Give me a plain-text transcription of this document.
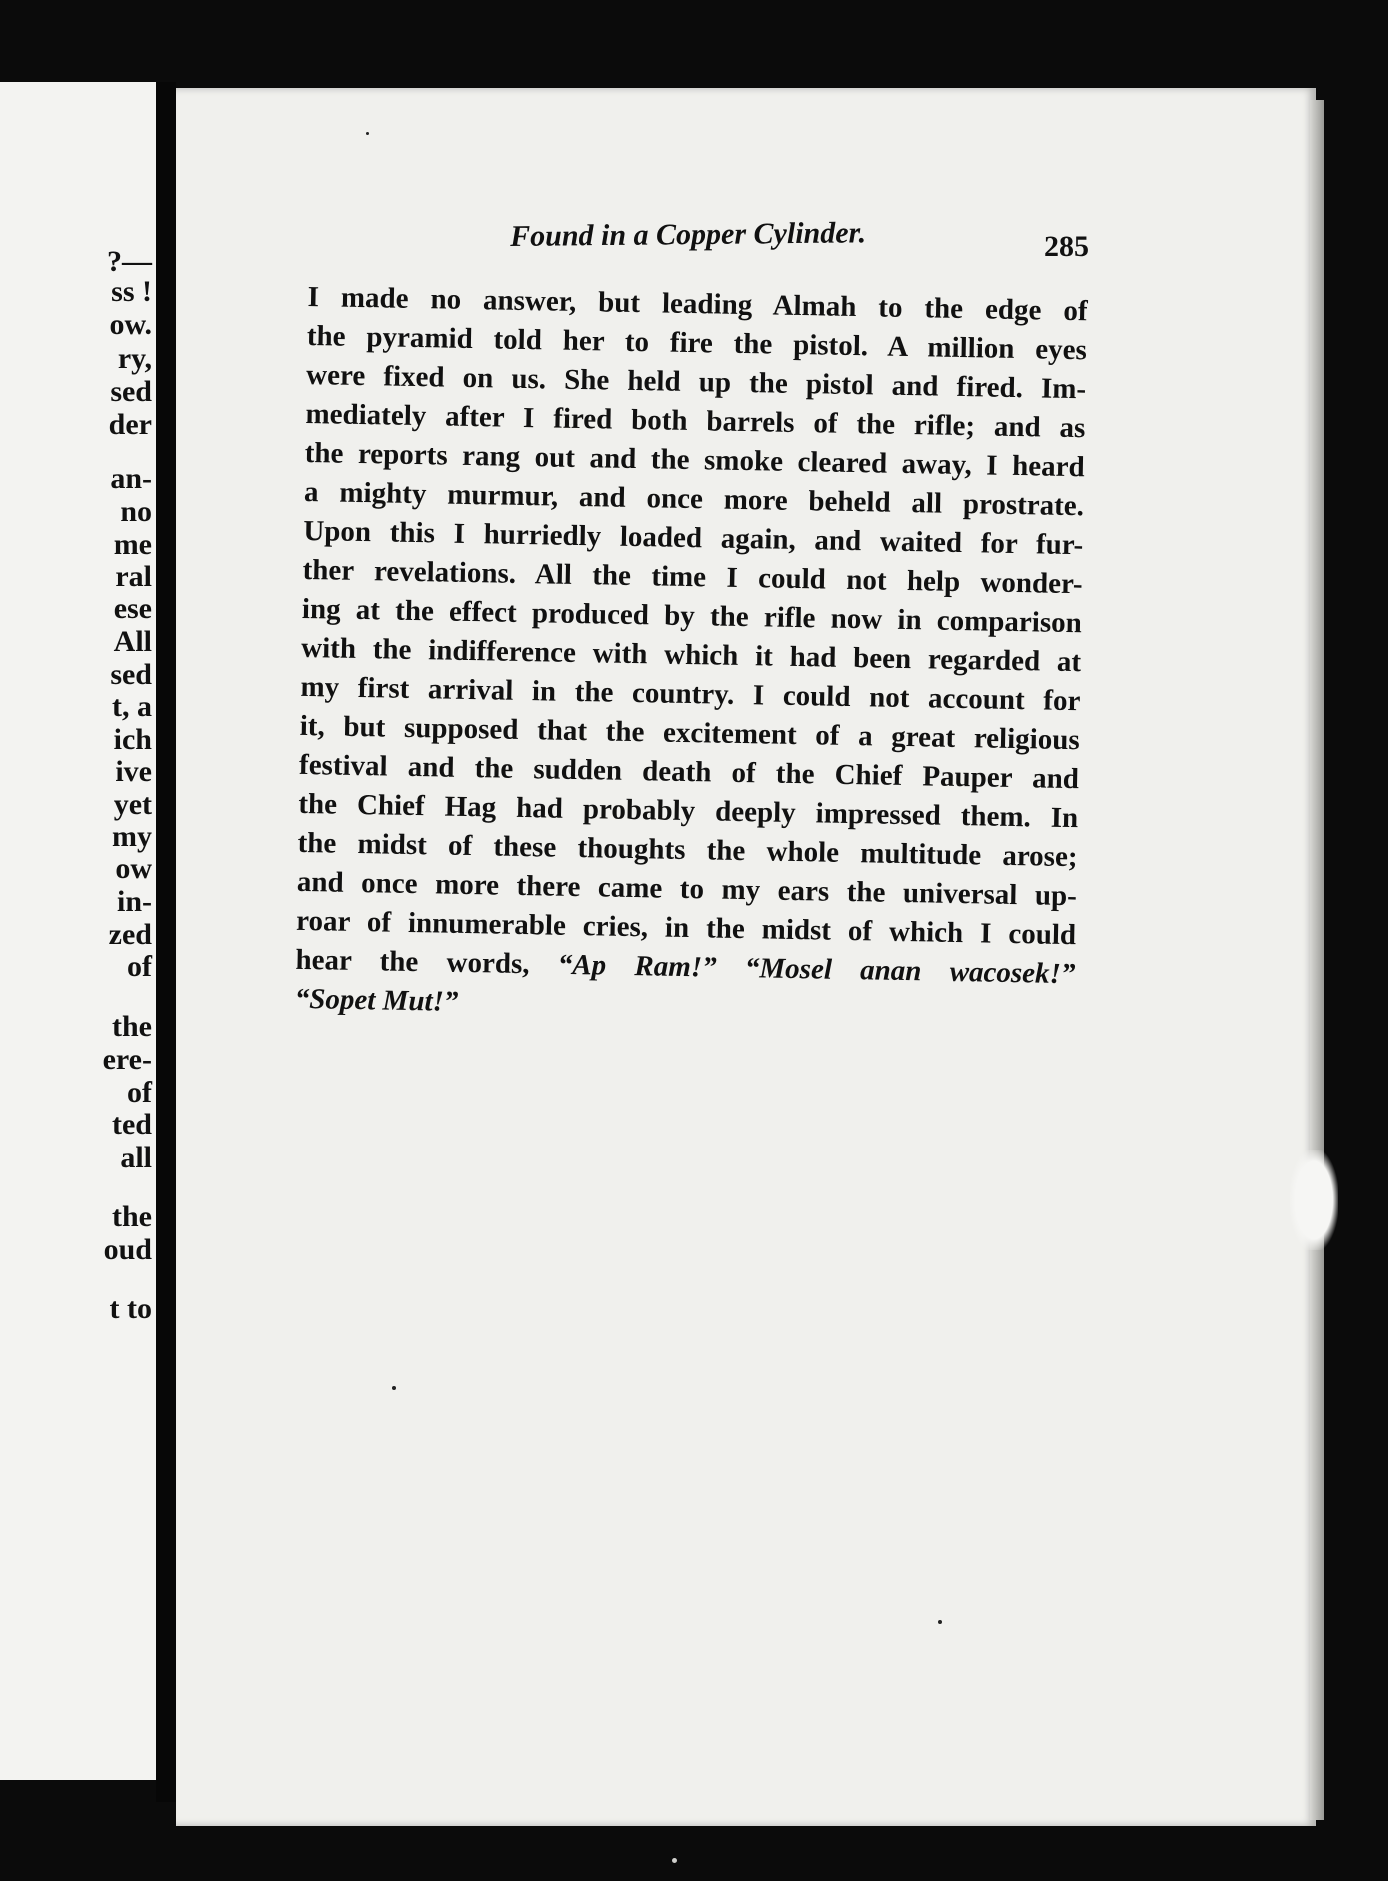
?—
ss !
ow.
ry,
sed
der
an-
no
me
ral
ese
All
sed
t, a
ich
ive
yet
my
ow
in-
zed
of
the
ere-
of
ted
all
the
oud
t to
Found in a Copper Cylinder.	285
I made no answer, but leading Almah to the edge of
the pyramid told her to fire the pistol. A million eyes
were fixed on us. She held up the pistol and fired. Im-
mediately after I fired both barrels of the rifle; and as
the reports rang out and the smoke cleared away, I heard
a mighty murmur, and once more beheld all prostrate.
Upon this I hurriedly loaded again, and waited for fur-
ther revelations. All the time I could not help wonder-
ing at the effect produced by the rifle now in comparison
with the indifference with which it had been regarded at
my first arrival in the country. I could not account for
it, but supposed that the excitement of a great religious
festival and the sudden death of the Chief Pauper and
the Chief Hag had probably deeply impressed them. In
the midst of these thoughts the whole multitude arose;
and once more there came to my ears the universal up-
roar of innumerable cries, in the midst of which I could
hear the words, “Ap Ram!” “Mosel anan wacosek!”
“Sopet Mut!”
